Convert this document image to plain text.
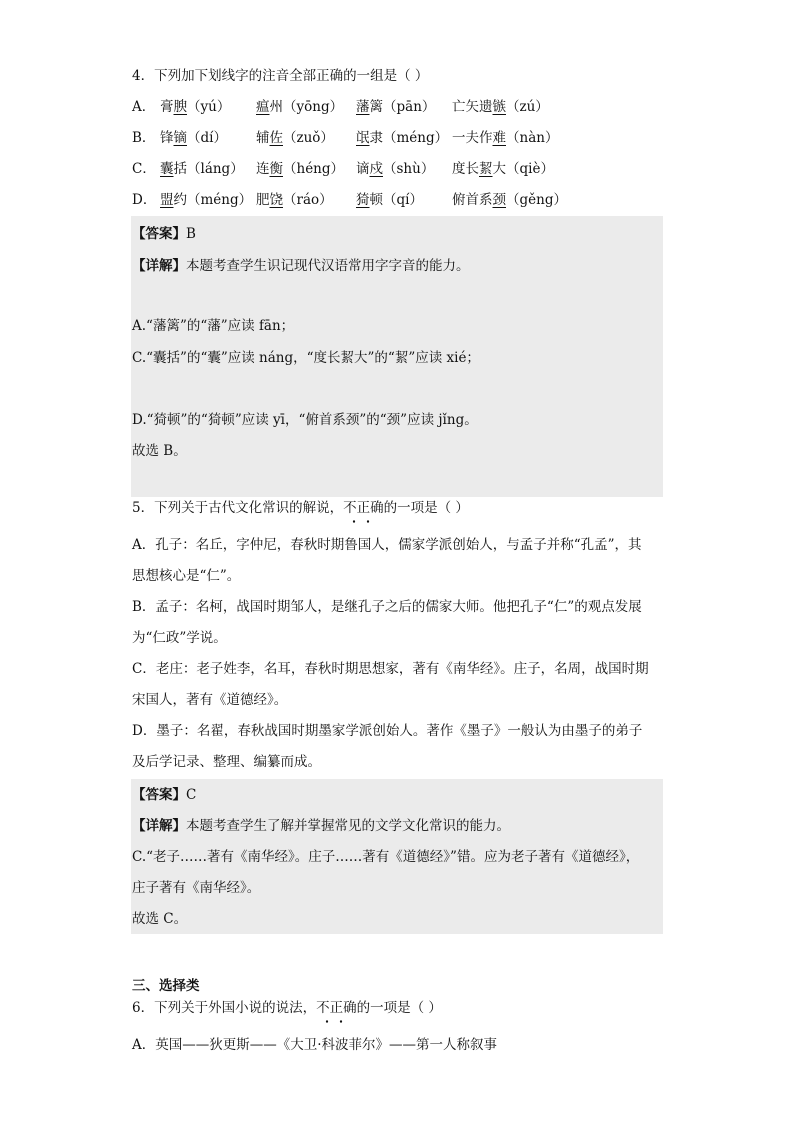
4．下列加下划线字的注音全部正确的一组是（ ）
A． 膏腴（yú） 瘟州（yōng） 藩篱（pān） 亡矢遗镞（zú）
B． 锋镝（dí） 辅佐（zuǒ） 氓隶（méng） 一夫作难（nàn）
C． 囊括（láng） 连衡（héng） 谪戍（shù） 度长絜大（qiè）
D． 盟约（méng） 肥饶（ráo） 猗顿（qí） 俯首系颈（gěng）
【答案】B
【详解】本题考查学生识记现代汉语常用字字音的能力。
A.“藩篱”的“藩”应读 fān；
C.“囊括”的“囊”应读 náng，“度长絜大”的“絜”应读 xié；
D.“猗顿”的“猗顿”应读 yī，“俯首系颈”的“颈”应读 jǐng。
故选 B。
5．下列关于古代文化常识的解说，不正确的一项是（ ）
A．孔子：名丘，字仲尼，春秋时期鲁国人，儒家学派创始人，与孟子并称“孔孟”，其
思想核心是“仁”。
B．孟子：名柯，战国时期邹人，是继孔子之后的儒家大师。他把孔子“仁”的观点发展
为“仁政”学说。
C．老庄：老子姓李，名耳，春秋时期思想家，著有《南华经》。庄子，名周，战国时期
宋国人，著有《道德经》。
D．墨子：名翟，春秋战国时期墨家学派创始人。著作《墨子》一般认为由墨子的弟子
及后学记录、整理、编纂而成。
【答案】C
【详解】本题考查学生了解并掌握常见的文学文化常识的能力。
C.“老子……著有《南华经》。庄子……著有《道德经》”错。应为老子著有《道德经》，
庄子著有《南华经》。
故选 C。
三、选择类
6．下列关于外国小说的说法，不正确的一项是（ ）
A．英国——狄更斯——《大卫·科波菲尔》——第一人称叙事
